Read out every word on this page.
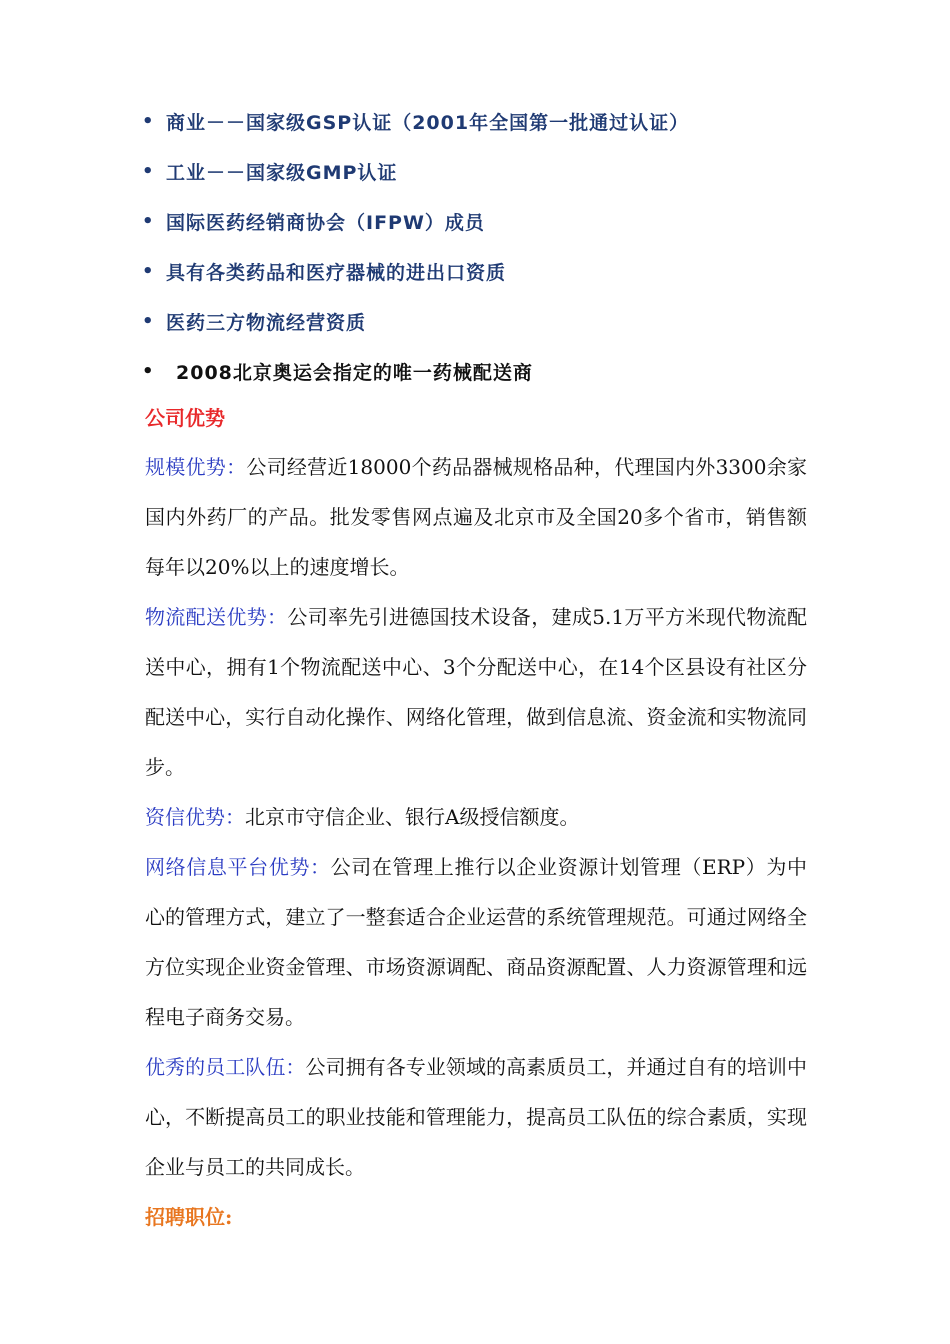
• 商业－－国家级GSP认证（2001年全国第一批通过认证）
• 工业－－国家级GMP认证
• 国际医药经销商协会（IFPW）成员
• 具有各类药品和医疗器械的进出口资质
• 医药三方物流经营资质
•	2008北京奥运会指定的唯一药械配送商
公司优势

规模优势：公司经营近18000个药品器械规格品种，代理国内外3300余家国内外药厂的产品。批发零售网点遍及北京市及全国20多个省市，销售额每年以20%以上的速度增长。

物流配送优势：公司率先引进德国技术设备，建成5.1万平方米现代物流配送中心，拥有1个物流配送中心、3个分配送中心，在14个区县设有社区分配送中心，实行自动化操作、网络化管理，做到信息流、资金流和实物流同步。

资信优势：北京市守信企业、银行A级授信额度。

网络信息平台优势：公司在管理上推行以企业资源计划管理（ERP）为中心的管理方式，建立了一整套适合企业运营的系统管理规范。可通过网络全方位实现企业资金管理、市场资源调配、商品资源配置、人力资源管理和远程电子商务交易。

优秀的员工队伍：公司拥有各专业领域的高素质员工，并通过自有的培训中心，不断提高员工的职业技能和管理能力，提高员工队伍的综合素质，实现企业与员工的共同成长。

招聘职位:
